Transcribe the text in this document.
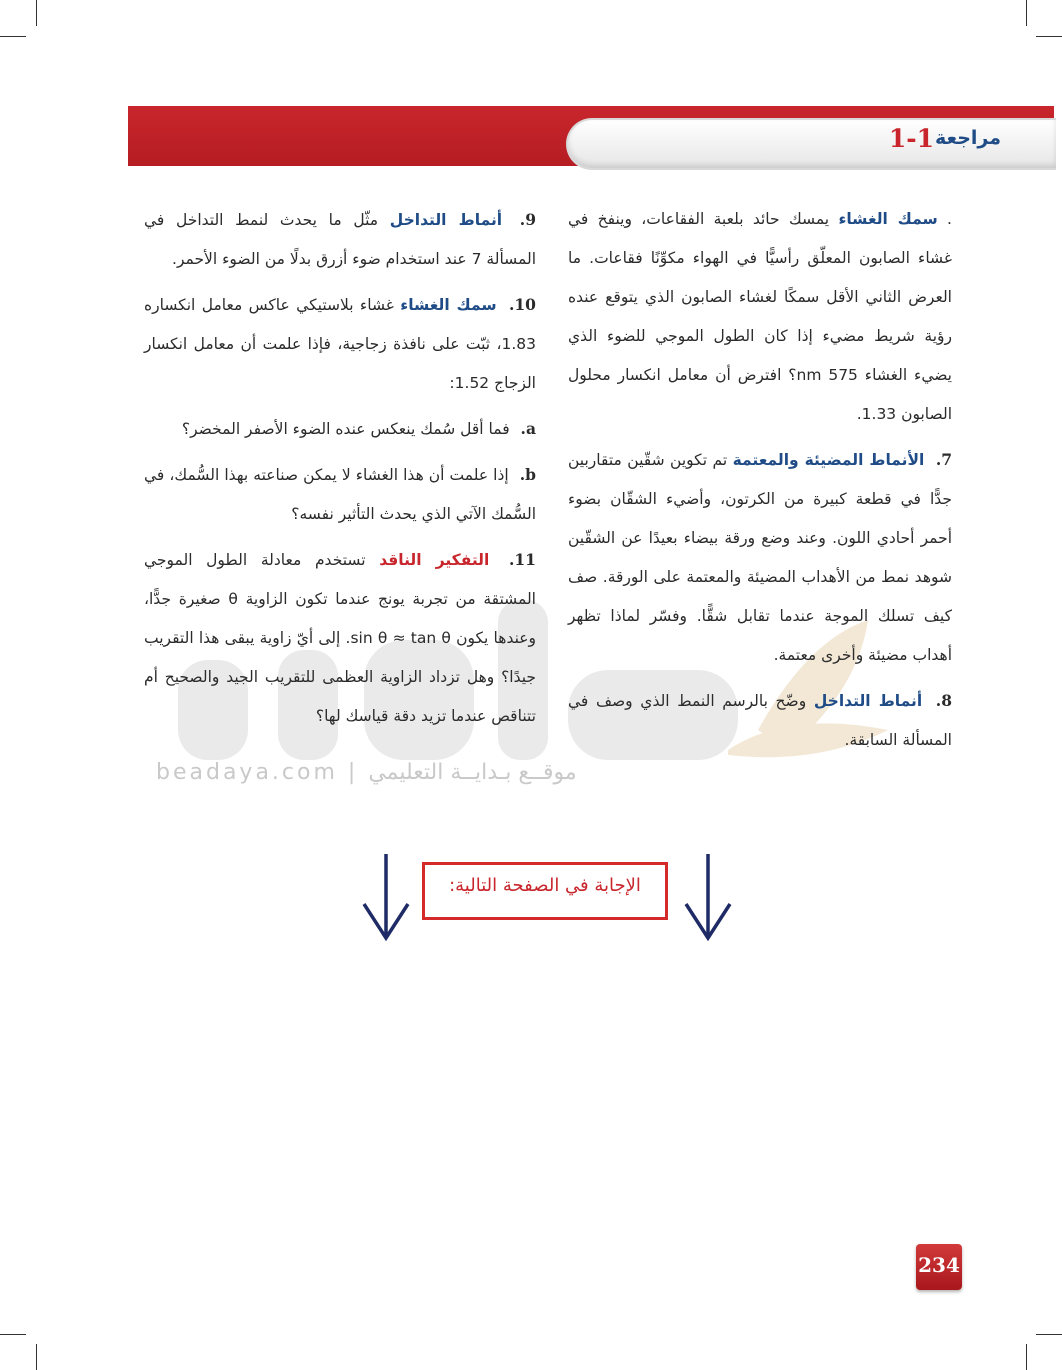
1-1 مراجعة
beadaya.com | موقــع بـدايــة التعليمي

. سمك الغشاء يمسك حائد بلعبة الفقاعات، وينفخ في غشاء الصابون المعلّق رأسيًّا في الهواء مكوِّنًا فقاعات. ما العرض الثاني الأقل سمكًا لغشاء الصابون الذي يتوقع عنده رؤية شريط مضيء إذا كان الطول الموجي للضوء الذي يضيء الغشاء 575 nm؟ افترض أن معامل انكسار محلول الصابون 1.33.

7. الأنماط المضيئة والمعتمة تم تكوين شقّين متقاربين جدًّا في قطعة كبيرة من الكرتون، وأضيء الشقّان بضوء أحمر أحادي اللون. وعند وضع ورقة بيضاء بعيدًا عن الشقّين شوهد نمط من الأهداب المضيئة والمعتمة على الورقة. صف كيف تسلك الموجة عندما تقابل شقًّا. وفسّر لماذا تظهر أهداب مضيئة وأخرى معتمة.

8. أنماط التداخل وضّح بالرسم النمط الذي وصف في المسألة السابقة.

9. أنماط التداخل مثّل ما يحدث لنمط التداخل في المسألة 7 عند استخدام ضوء أزرق بدلًا من الضوء الأحمر.

10. سمك الغشاء غشاء بلاستيكي عاكس معامل انكساره 1.83، ثبّت على نافذة زجاجية، فإذا علمت أن معامل انكسار الزجاج 1.52:

a. فما أقل سُمك ينعكس عنده الضوء الأصفر المخضر؟

b. إذا علمت أن هذا الغشاء لا يمكن صناعته بهذا السُّمك، في السُّمك الآتي الذي يحدث التأثير نفسه؟

11. التفكير الناقد تستخدم معادلة الطول الموجي المشتقة من تجربة يونج عندما تكون الزاوية θ صغيرة جدًّا، وعندها يكون sin θ ≈ tan θ. إلى أيّ زاوية يبقى هذا التقريب جيدًا؟ وهل تزداد الزاوية العظمى للتقريب الجيد والصحيح أم تتناقص عندما تزيد دقة قياسك لها؟

الإجابة في الصفحة التالية:
234
